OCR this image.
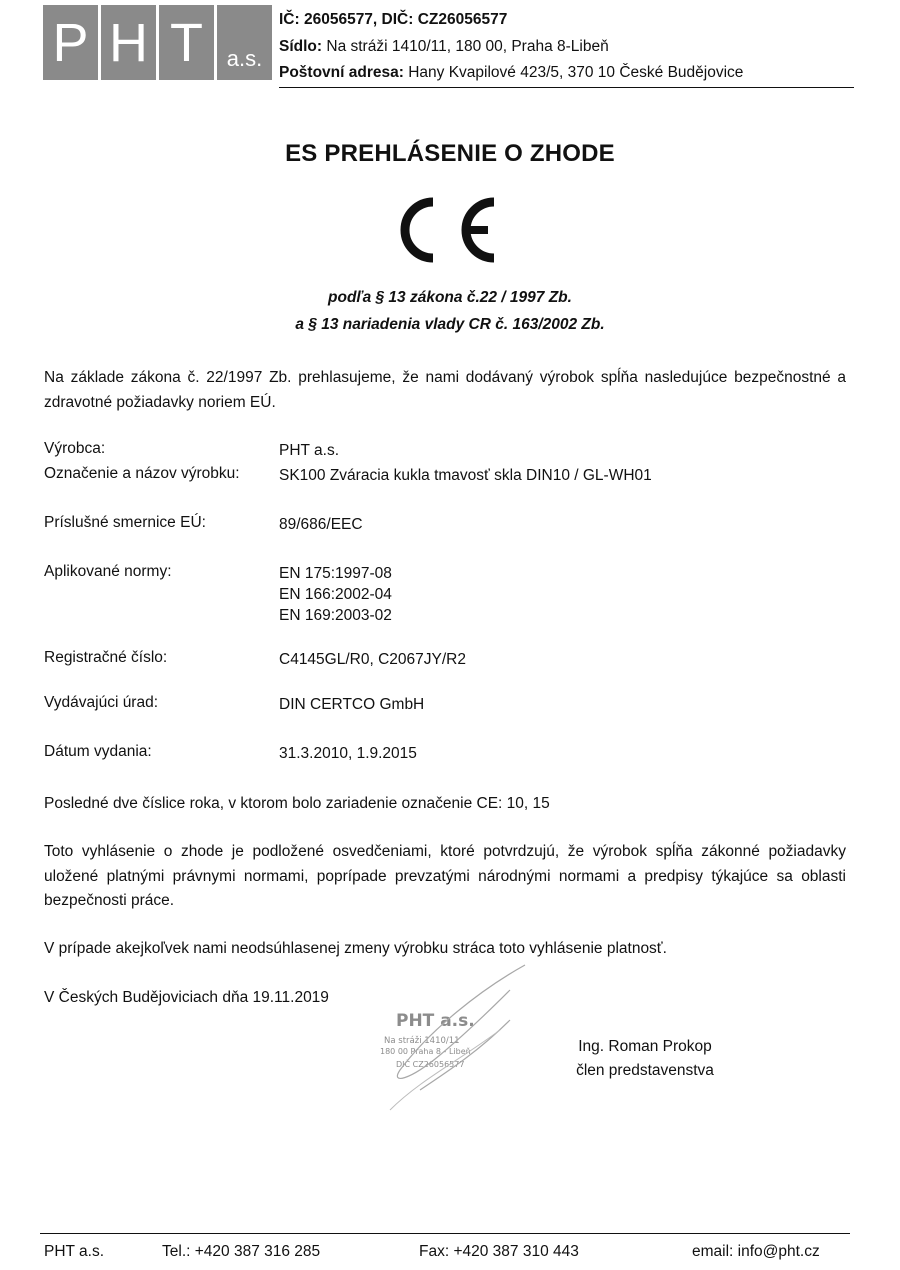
P H T	a.s.
IČ: 26056577, DIČ: CZ26056577
Sídlo: Na stráži 1410/11, 180 00, Praha 8-Libeň
Poštovní adresa: Hany Kvapilové 423/5, 370 10 České Budějovice
ES PREHLÁSENIE O ZHODE
podľa § 13 zákona č.22 / 1997 Zb.
a § 13 nariadenia vlady CR č. 163/2002 Zb.
Na základe zákona č. 22/1997 Zb. prehlasujeme, že nami dodávaný výrobok spĺňa nasledujúce bezpečnostné a zdravotné požiadavky noriem EÚ.
Výrobca:	PHT a.s.
Označenie a názov výrobku:	SK100 Zváracia kukla tmavosť skla DIN10 / GL-WH01
Príslušné smernice EÚ:	89/686/EEC
Aplikované normy:	EN 175:1997-08
EN 166:2002-04
EN 169:2003-02
Registračné číslo:	C4145GL/R0, C2067JY/R2
Vydávajúci úrad:	DIN CERTCO GmbH
Dátum vydania:	31.3.2010, 1.9.2015
Posledné dve číslice roka, v ktorom bolo zariadenie označenie CE: 10, 15
Toto vyhlásenie o zhode je podložené osvedčeniami, ktoré potvrdzujú, že výrobok spĺňa zákonné požiadavky uložené platnými právnymi normami, poprípade prevzatými národnými normami a predpisy týkajúce sa oblasti bezpečnosti práce.
V prípade akejkoľvek nami neodsúhlasenej zmeny výrobku stráca toto vyhlásenie platnosť.
V Českých Budějoviciach dňa 19.11.2019
PHT a.s.
Na stráži 1410/11
180 00 Praha 8 - Libeň
DIČ CZ26056577
Ing. Roman Prokop
člen predstavenstva
PHT a.s.	Tel.: +420 387 316 285	Fax: +420 387 310 443	email: info@pht.cz
